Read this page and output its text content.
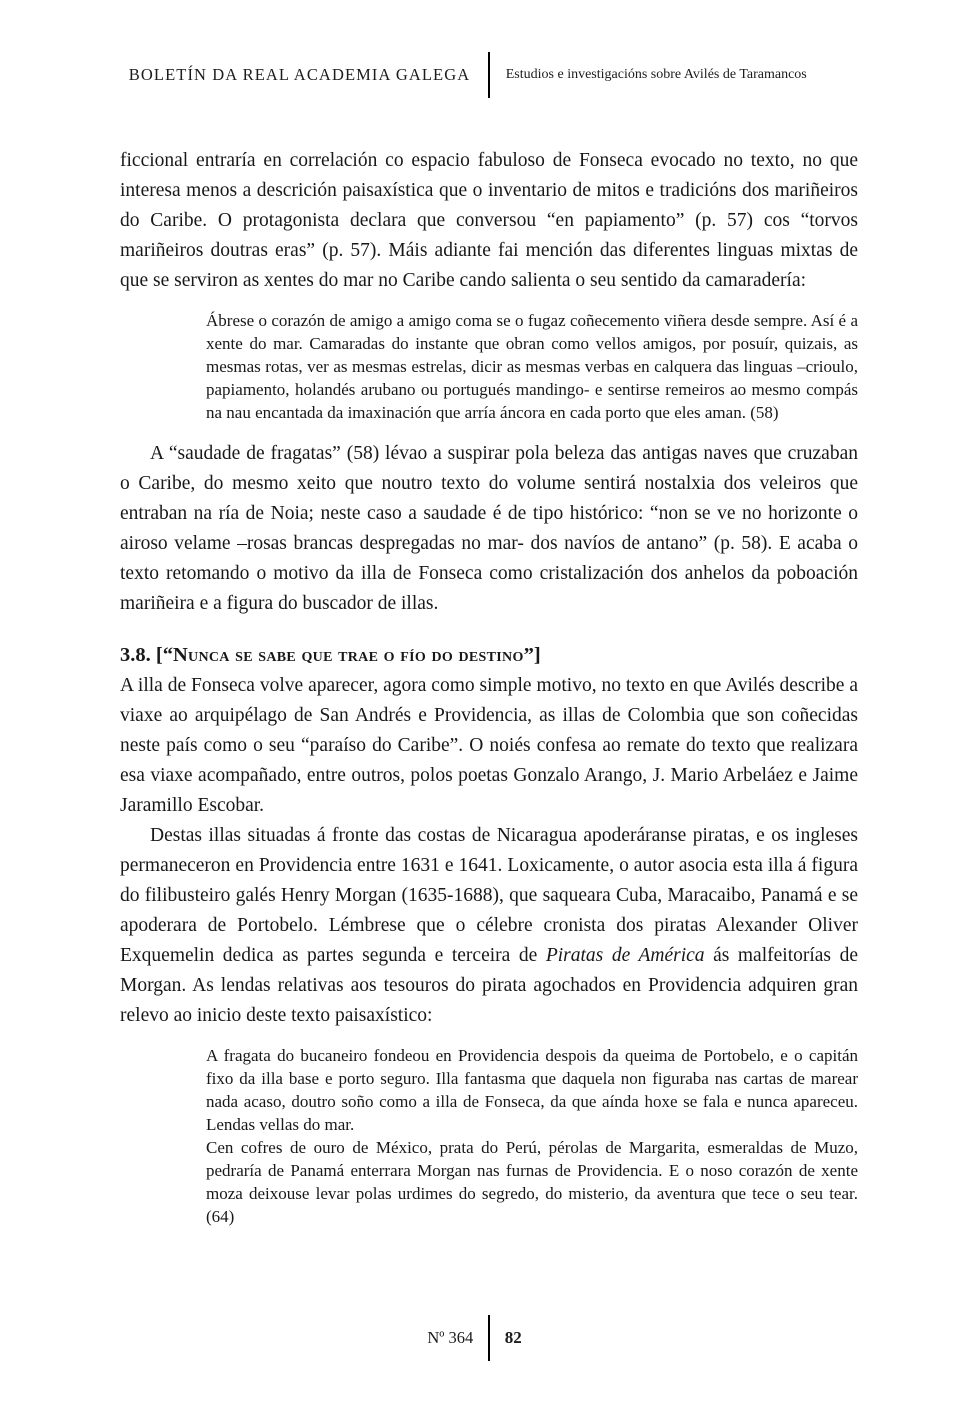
BOLETÍN DA REAL ACADEMIA GALEGA	Estudios e investigacións sobre Avilés de Taramancos

ficcional entraría en correlación co espacio fabuloso de Fonseca evocado no texto, no que interesa menos a descrición paisaxística que o inventario de mitos e tradicións dos mariñeiros do Caribe. O protagonista declara que conversou “en papiamento” (p. 57) cos “torvos mariñeiros doutras eras” (p. 57). Máis adiante fai mención das diferentes linguas mixtas de que se serviron as xentes do mar no Caribe cando salienta o seu sentido da camaradería:

Ábrese o corazón de amigo a amigo coma se o fugaz coñecemento viñera desde sempre. Así é a xente do mar. Camaradas do instante que obran como vellos amigos, por posuír, quizais, as mesmas rotas, ver as mesmas estrelas, dicir as mesmas verbas en calquera das linguas –crioulo, papiamento, holandés arubano ou portugués mandingo- e sentirse remeiros ao mesmo compás na nau encantada da imaxinación que arría áncora en cada porto que eles aman. (58)

A “saudade de fragatas” (58) lévao a suspirar pola beleza das antigas naves que cruzaban o Caribe, do mesmo xeito que noutro texto do volume sentirá nostalxia dos veleiros que entraban na ría de Noia; neste caso a saudade é de tipo histórico: “non se ve no horizonte o airoso velame –rosas brancas despregadas no mar- dos navíos de antano” (p. 58). E acaba o texto retomando o motivo da illa de Fonseca como cristalización dos anhelos da poboación mariñeira e a figura do buscador de illas.

3.8. [“Nunca se sabe que trae o fío do destino”]

A illa de Fonseca volve aparecer, agora como simple motivo, no texto en que Avilés describe a viaxe ao arquipélago de San Andrés e Providencia, as illas de Colombia que son coñecidas neste país como o seu “paraíso do Caribe”. O noiés confesa ao remate do texto que realizara esa viaxe acompañado, entre outros, polos poetas Gonzalo Arango, J. Mario Arbeláez e Jaime Jaramillo Escobar.

Destas illas situadas á fronte das costas de Nicaragua apoderáranse piratas, e os ingleses permaneceron en Providencia entre 1631 e 1641. Loxicamente, o autor asocia esta illa á figura do filibusteiro galés Henry Morgan (1635-1688), que saqueara Cuba, Maracaibo, Panamá e se apoderara de Portobelo. Lémbrese que o célebre cronista dos piratas Alexander Oliver Exquemelin dedica as partes segunda e terceira de Piratas de América ás malfeitorías de Morgan. As lendas relativas aos tesouros do pirata agochados en Providencia adquiren gran relevo ao inicio deste texto paisaxístico:

A fragata do bucaneiro fondeou en Providencia despois da queima de Portobelo, e o capitán fixo da illa base e porto seguro. Illa fantasma que daquela non figuraba nas cartas de marear nada acaso, doutro soño como a illa de Fonseca, da que aínda hoxe se fala e nunca apareceu. Lendas vellas do mar.

Cen cofres de ouro de México, prata do Perú, pérolas de Margarita, esmeraldas de Muzo, pedraría de Panamá enterrara Morgan nas furnas de Providencia. E o noso corazón de xente moza deixouse levar polas urdimes do segredo, do misterio, da aventura que tece o seu tear. (64)

Nº 364	82
